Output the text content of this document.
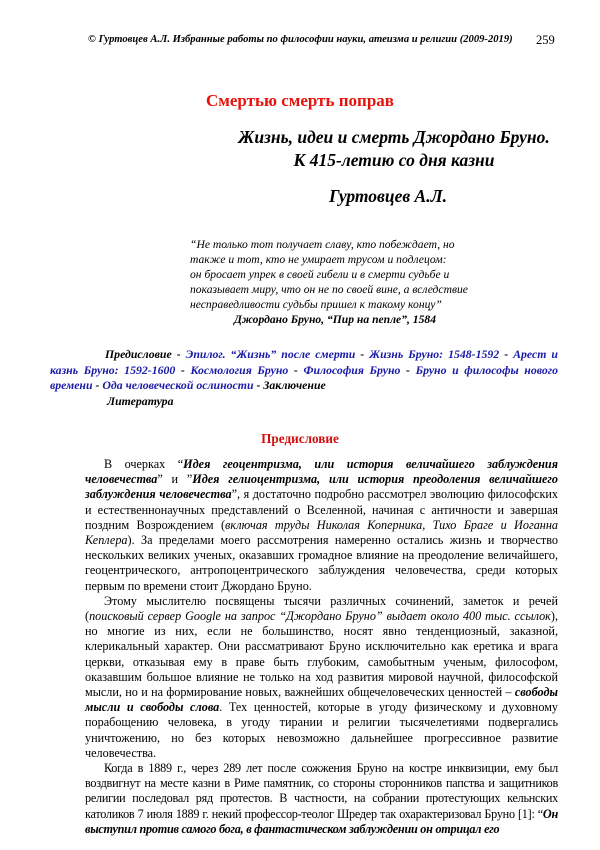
© Гуртовцев А.Л. Избранные работы по философии науки, атеизма и религии (2009-2019) 259
Смертью смерть поправ
Жизнь, идеи и смерть Джордано Бруно.
К 415-летию со дня казни
Гуртовцев А.Л.
“Не только тот получает славу, кто побеждает, но
также и тот, кто не умирает трусом и подлецом:
он бросает упрек в своей гибели и в смерти судьбе и
показывает миру, что он не по своей вине, а вследствие
несправедливости судьбы пришел к такому концу”
Джордано Бруно, “Пир на пепле”, 1584
Предисловие - Эпилог. “Жизнь” после смерти - Жизнь Бруно: 1548-1592 - Арест и казнь Бруно: 1592-1600 - Космология Бруно - Философия Бруно - Бруно и философы нового времени - Ода человеческой ослиности - Заключение
Литература
Предисловие

В очерках “Идея геоцентризма, или история величайшего заблуждения человечества” и ”Идея гелиоцентризма, или история преодоления величайшего заблуждения человечества”, я достаточно подробно рассмотрел эволюцию философских и естественнонаучных представлений о Вселенной, начиная с античности и завершая поздним Возрождением (включая труды Николая Коперника, Тихо Браге и Иоганна Кеплера). За пределами моего рассмотрения намеренно остались жизнь и творчество нескольких великих ученых, оказавших громадное влияние на преодоление величайшего, геоцентрического, антропоцентрического заблуждения человечества, среди которых первым по времени стоит Джордано Бруно.

Этому мыслителю посвящены тысячи различных сочинений, заметок и речей (поисковый сервер Google на запрос “Джордано Бруно” выдает около 400 тыс. ссылок), но многие из них, если не большинство, носят явно тенденциозный, заказной, клерикальный характер. Они рассматривают Бруно исключительно как еретика и врага церкви, отказывая ему в праве быть глубоким, самобытным ученым, философом, оказавшим большое влияние не только на ход развития мировой научной, философской мысли, но и на формирование новых, важнейших общечеловеческих ценностей – свободы мысли и свободы слова. Тех ценностей, которые в угоду физическому и духовному порабощению человека, в угоду тирании и религии тысячелетиями подвергались уничтожению, но без которых невозможно дальнейшее прогрессивное развитие человечества.

Когда в 1889 г., через 289 лет после сожжения Бруно на костре инквизиции, ему был воздвигнут на месте казни в Риме памятник, со стороны сторонников папства и защитников религии последовал ряд протестов. В частности, на собрании протестующих кельнских католиков 7 июля 1889 г. некий профессор-теолог Шредер так охарактеризовал Бруно [1]: “Он выступил против самого бога, в фантастическом заблуждении он отрицал его
